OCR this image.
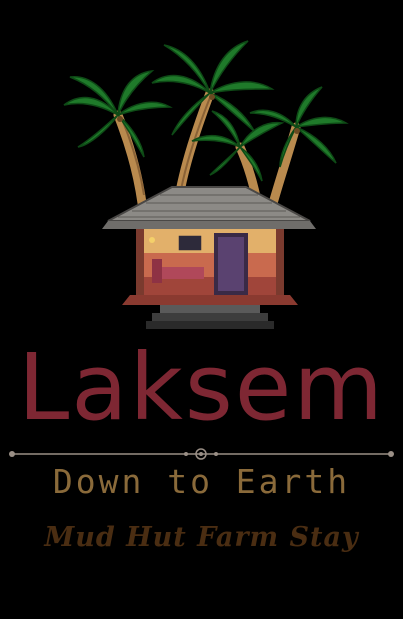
Laksem
Down to Earth
Mud Hut Farm Stay
